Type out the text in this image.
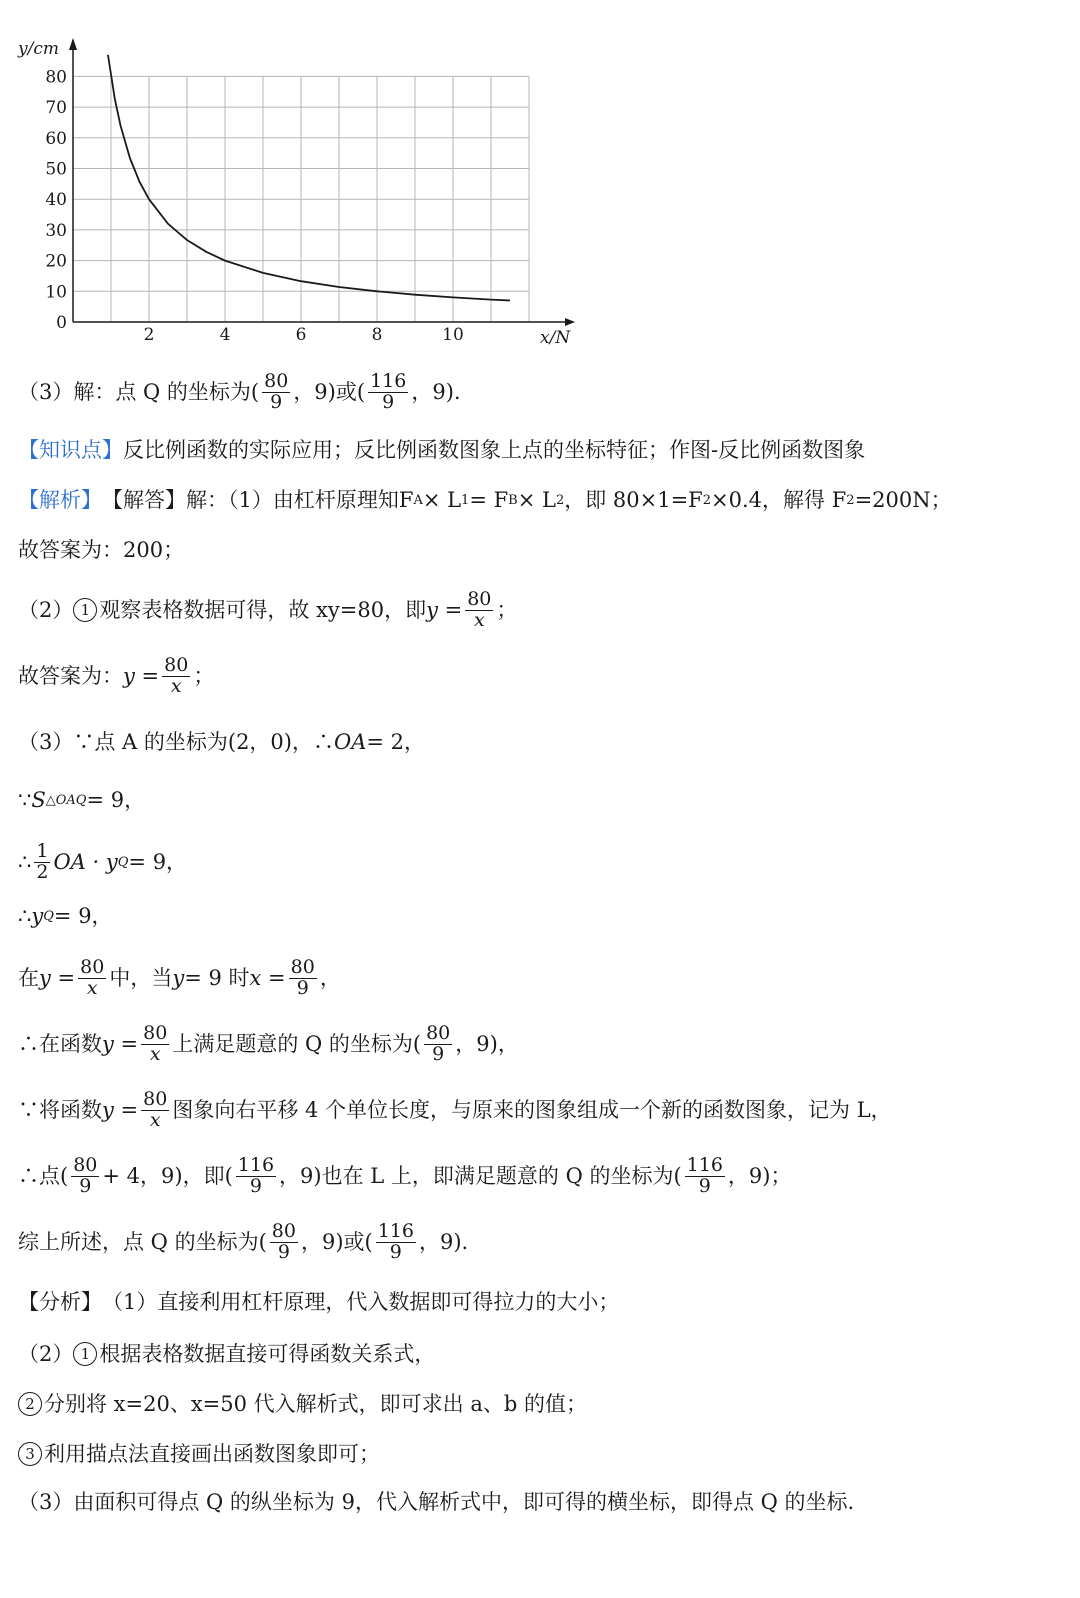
0
10
20
30
40
50
60
70
80
2	4	6	8	10
y/cm
x/N
（3）解：点 Q 的坐标为( $\frac{80}{9}$ ，9)或( $\frac{116}{9}$ ，9).
【知识点】 反比例函数的实际应用；反比例函数图象上点的坐标特征；作图-反比例函数图象
【解析】 【解答】解：（1）由杠杆原理知F A × L 1 = F B × L 2 ，即 80×1=F 2 ×0.4，解得 F 2 =200N；
故答案为：200；
（2） 1 观察表格数据可得，故 xy=80，即 $y = \frac{80}{x}$ ；
故答案为： $y = \frac{80}{x}$ ；
（3）∵点 A 的坐标为(2，0)，∴ OA = 2，
∵ S △OAQ = 9，
∴ $\frac{1}{2}$ OA · y Q = 9，
∴ y Q = 9，
在 $y = \frac{80}{x}$ 中，当 y = 9 时 $x = \frac{80}{9}$ ，
∴在函数 $y = \frac{80}{x}$ 上满足题意的 Q 的坐标为( $\frac{80}{9}$ ，9)，
∵将函数 $y = \frac{80}{x}$ 图象向右平移 4 个单位长度，与原来的图象组成一个新的函数图象，记为 L，
∴点( $\frac{80}{9} + 4$，9)，即( $\frac{116}{9}$ ，9)也在 L 上，即满足题意的 Q 的坐标为( $\frac{116}{9}$ ，9)；
综上所述，点 Q 的坐标为( $\frac{80}{9}$ ，9)或( $\frac{116}{9}$ ，9).
【分析】 （1）直接利用杠杆原理，代入数据即可得拉力的大小；
（2） 1 根据表格数据直接可得函数关系式，
2 分别将 x=20、x=50 代入解析式，即可求出 a、b 的值；
3 利用描点法直接画出函数图象即可；
（3）由面积可得点 Q 的纵坐标为 9，代入解析式中，即可得的横坐标，即得点 Q 的坐标.
